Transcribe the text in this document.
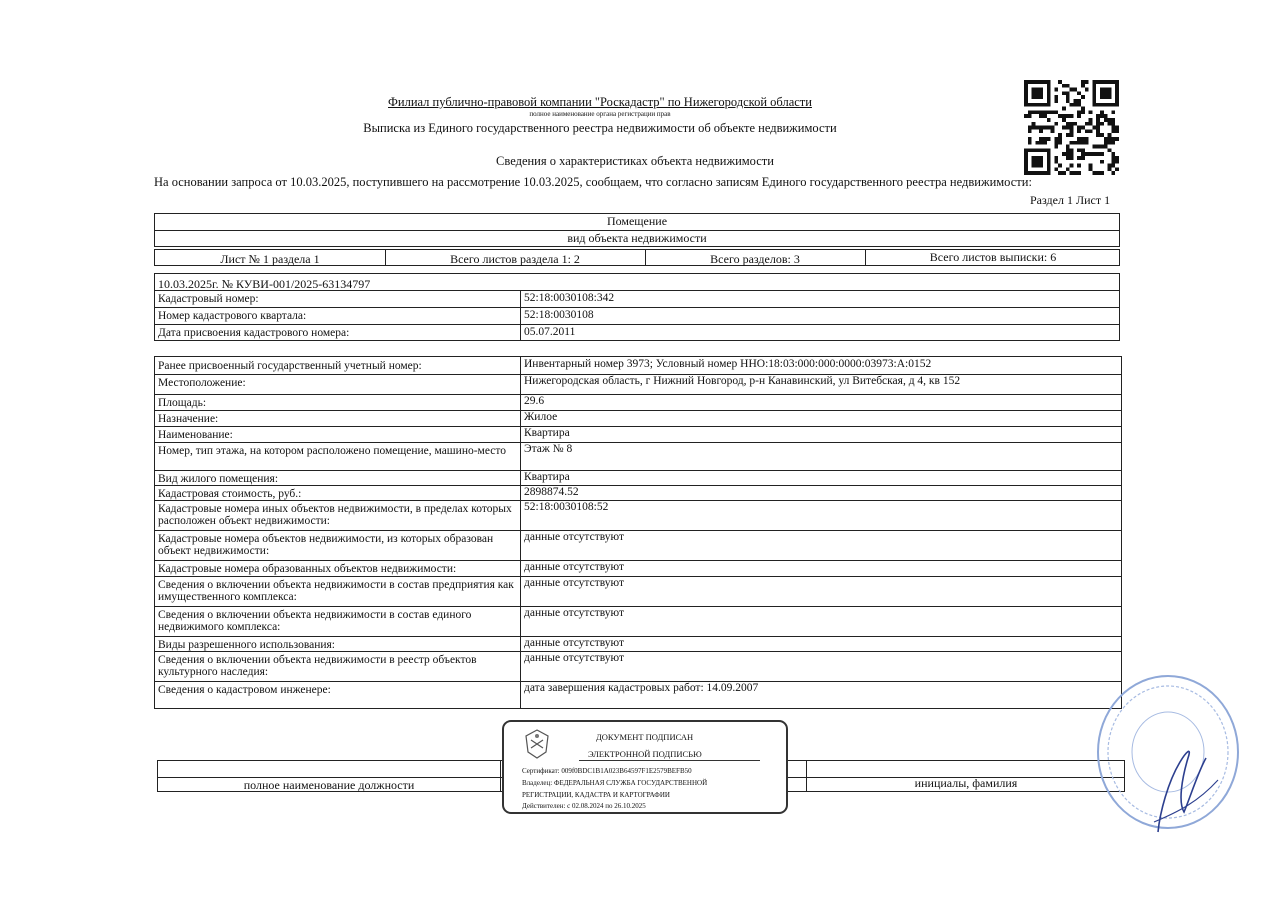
Филиал публично-правовой компании "Роскадастр" по Нижегородской области
полное наименование органа регистрации прав
Выписка из Единого государственного реестра недвижимости об объекте недвижимости
Сведения о характеристиках объекта недвижимости
На основании запроса от 10.03.2025, поступившего на рассмотрение 10.03.2025, сообщаем, что согласно записям Единого государственного реестра недвижимости:
Раздел 1 Лист 1
Помещение
вид объекта недвижимости
Лист № 1 раздела 1	Всего листов раздела 1: 2	Всего разделов: 3	Всего листов выписки: 6
10.03.2025г. № КУВИ-001/2025-63134797
Кадастровый номер:	52:18:0030108:342
Номер кадастрового квартала:	52:18:0030108
Дата присвоения кадастрового номера:	05.07.2011
Ранее присвоенный государственный учетный номер:	Инвентарный номер 3973; Условный номер ННО:18:03:000:000:0000:03973:А:0152
Местоположение:	Нижегородская область, г Нижний Новгород, р-н Канавинский, ул Витебская, д 4, кв 152
Площадь:	29.6
Назначение:	Жилое
Наименование:	Квартира
Номер, тип этажа, на котором расположено помещение, машино-место	Этаж № 8
Вид жилого помещения:	Квартира
Кадастровая стоимость, руб.:	2898874.52
Кадастровые номера иных объектов недвижимости, в пределах которых расположен объект недвижимости:
52:18:0030108:52
Кадастровые номера объектов недвижимости, из которых образован объект недвижимости:
данные отсутствуют
Кадастровые номера образованных объектов недвижимости:	данные отсутствуют
Сведения о включении объекта недвижимости в состав предприятия как имущественного комплекса:
данные отсутствуют
Сведения о включении объекта недвижимости в состав единого недвижимого комплекса:
данные отсутствуют
Виды разрешенного использования:	данные отсутствуют
Сведения о включении объекта недвижимости в реестр объектов культурного наследия:
данные отсутствуют
Сведения о кадастровом инженере:	дата завершения кадастровых работ: 14.09.2007
полное наименование должности	инициалы, фамилия
ДОКУМЕНТ ПОДПИСАН
ЭЛЕКТРОННОЙ ПОДПИСЬЮ
Сертификат: 009f0BDC1B1A023B64597F1E2579BEFB50
Владелец: ФЕДЕРАЛЬНАЯ СЛУЖБА ГОСУДАРСТВЕННОЙ
РЕГИСТРАЦИИ, КАДАСТРА И КАРТОГРАФИИ
Действителен: с 02.08.2024 по 26.10.2025
